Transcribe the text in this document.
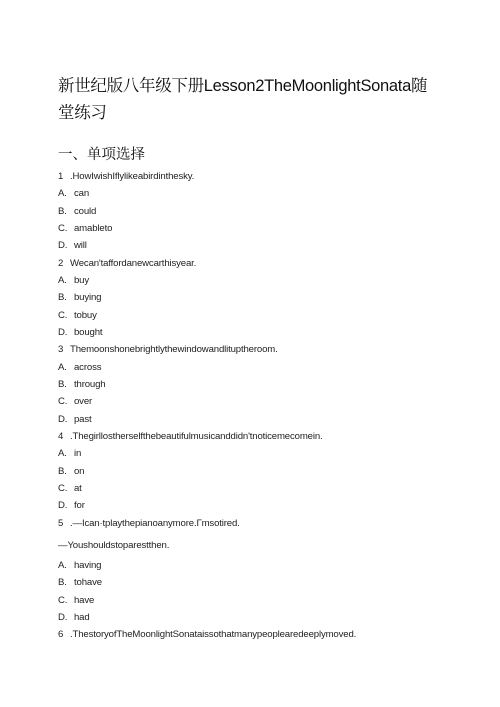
新世纪版八年级下册Lesson2TheMoonlightSonata随堂练习
一、单项选择
1 .HowIwishIflylikeabirdinthesky.
A. can
B. could
C. amableto
D. will
2 Wecan'taffordanewcarthisyear.
A. buy
B. buying
C. tobuy
D. bought
3 Themoonshonebrightlythewindowandlituptheroom.
A. across
B. through
C. over
D. past
4 .Thegirllostherselfthebeautifulmusicanddidn'tnoticemecomein.
A. in
B. on
C. at
D. for
5 .—Ican·tplaythepianoanymore.Γmsotired.
—Youshouldstoparestthen.
A. having
B. tohave
C. have
D. had
6 .ThestoryofTheMoonlightSonataissothatmanypeoplearedeeplymoved.
